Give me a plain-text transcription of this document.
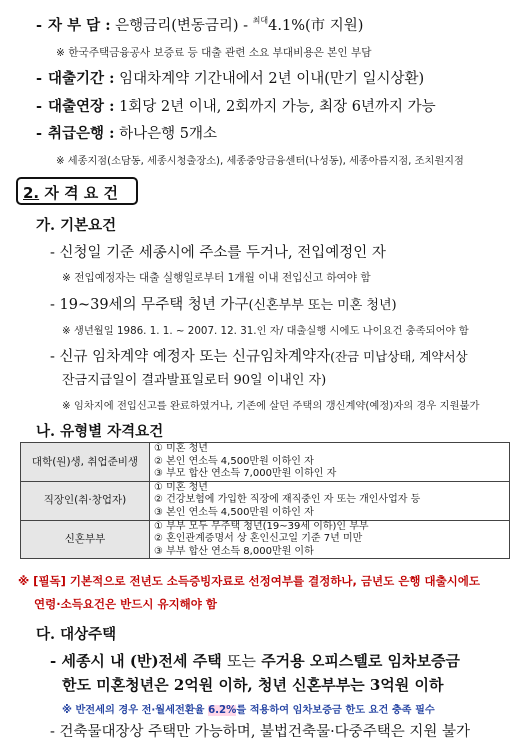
- 자 부 담 : 은행금리(변동금리) - $^{최대}$4.1%(市 지원)
※ 한국주택금융공사 보증료 등 대출 관련 소요 부대비용은 본인 부담
- 대출기간 : 임대차계약 기간내에서 2년 이내(만기 일시상환)
- 대출연장 : 1회당 2년 이내, 2회까지 가능, 최장 6년까지 가능
- 취급은행 : 하나은행 5개소
※ 세종지점(소담동, 세종시청출장소), 세종중앙금융센터(나성동), 세종아름지점, 조치원지점
2. 자 격 요 건
가. 기본요건
- 신청일 기준 세종시에 주소를 두거나, 전입예정인 자
※ 전입예정자는 대출 실행일로부터 1개월 이내 전입신고 하여야 함
- 19~39세의 무주택 청년 가구(신혼부부 또는 미혼 청년)
※ 생년월일 1986. 1. 1. ~ 2007. 12. 31.인 자/ 대출실행 시에도 나이요건 충족되어야 함
- 신규 임차계약 예정자 또는 신규임차계약자(잔금 미납상태, 계약서상
잔금지급일이 결과발표일로터 90일 이내인 자)
※ 임차지에 전입신고를 완료하였거나, 기존에 살던 주택의 갱신계약(예정)자의 경우 지원불가
나. 유형별 자격요건
대학(원)생, 취업준비생	① 미혼 청년
② 본인 연소득 4,500만원 이하인 자
③ 부모 합산 연소득 7,000만원 이하인 자

직장인(취·창업자)	① 미혼 청년
② 건강보험에 가입한 직장에 재직중인 자 또는 개인사업자 등
③ 본인 연소득 4,500만원 이하인 자

신혼부부	① 부부 모두 무주택 청년(19~39세 이하)인 부부
② 혼인관계증명서 상 혼인신고일 기준 7년 미만
③ 부부 합산 연소득 8,000만원 이하
※ [필독] 기본적으로 전년도 소득증빙자료로 선정여부를 결정하나, 금년도 은행 대출시에도
연령·소득요건은 반드시 유지해야 함
다. 대상주택
- 세종시 내 (반)전세 주택 또는 주거용 오피스텔로 임차보증금
한도 미혼청년은 2억원 이하, 청년 신혼부부는 3억원 이하
※ 반전세의 경우 전·월세전환율 6.2%를 적용하여 임차보증금 한도 요건 충족 필수
- 건축물대장상 주택만 가능하며, 불법건축물·다중주택은 지원 불가
